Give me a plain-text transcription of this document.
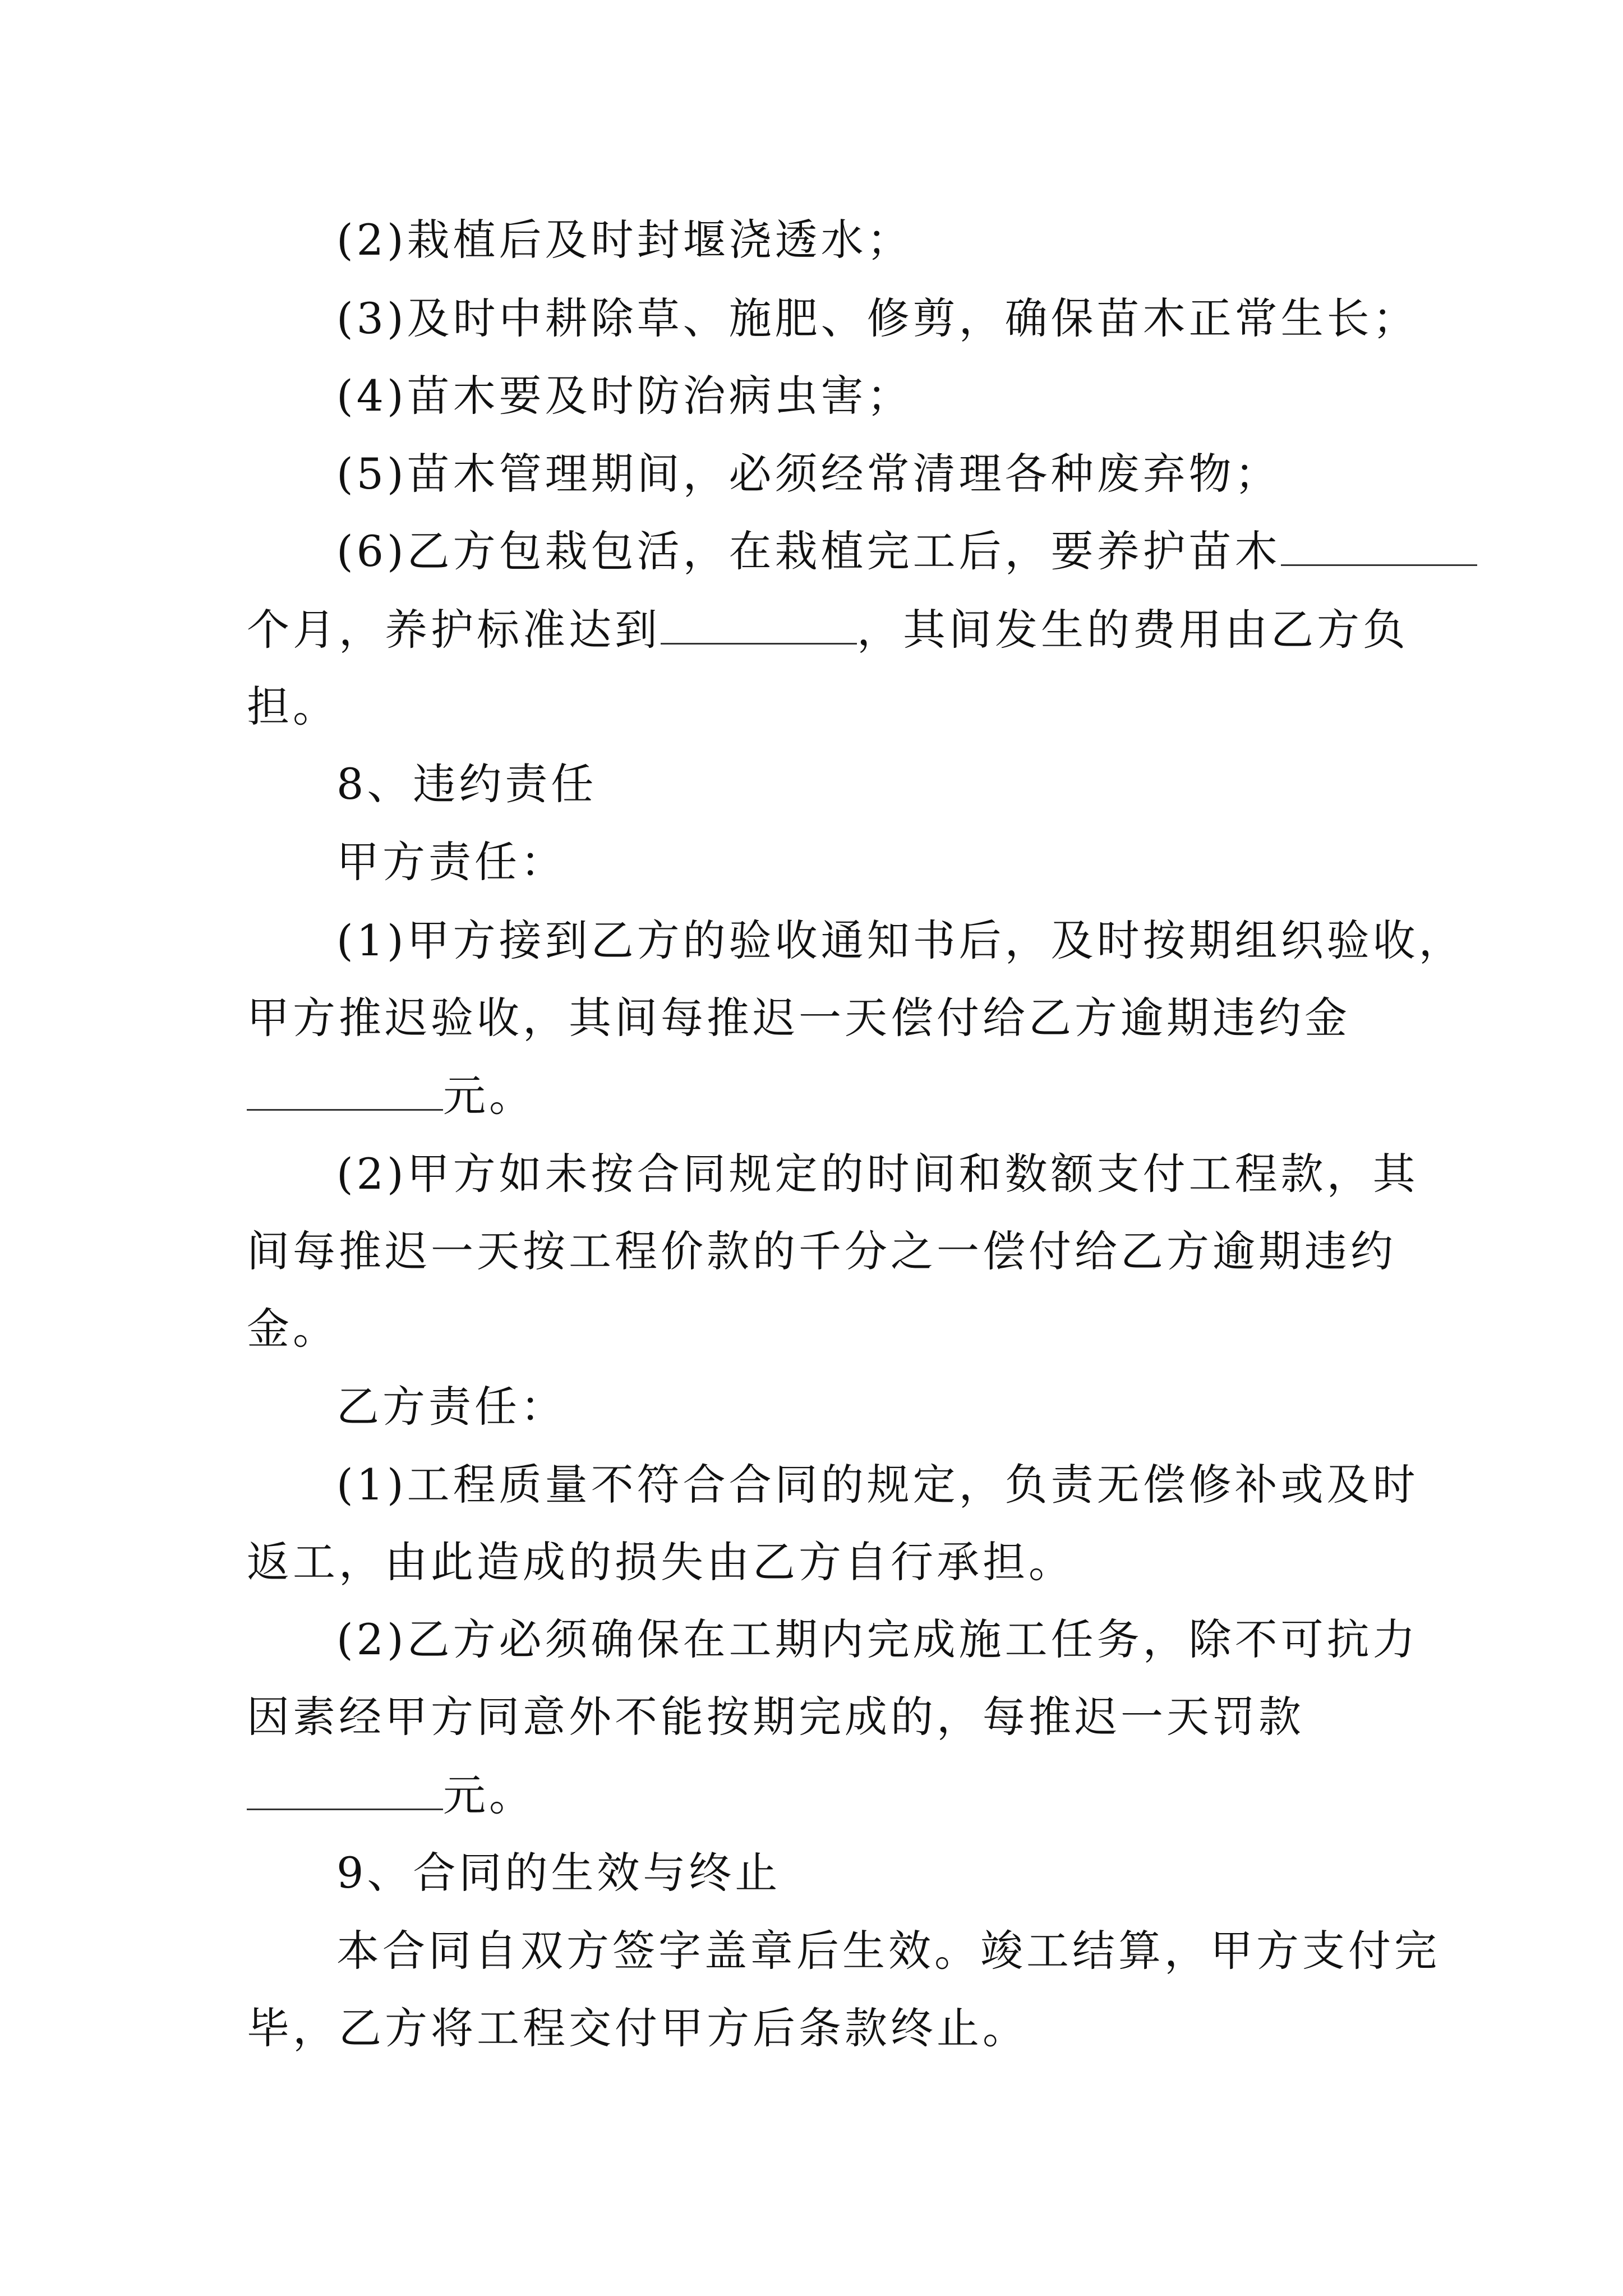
(2)栽植后及时封堰浇透水；
(3)及时中耕除草、施肥、修剪，确保苗木正常生长；
(4)苗木要及时防治病虫害；
(5)苗木管理期间，必须经常清理各种废弃物；
(6)乙方包栽包活，在栽植完工后，要养护苗木
个月，养护标准达到	，其间发生的费用由乙方负
担。
8、违约责任
甲方责任：
(1)甲方接到乙方的验收通知书后，及时按期组织验收，
甲方推迟验收，其间每推迟一天偿付给乙方逾期违约金
元。
(2)甲方如未按合同规定的时间和数额支付工程款，其
间每推迟一天按工程价款的千分之一偿付给乙方逾期违约
金。
乙方责任：
(1)工程质量不符合合同的规定，负责无偿修补或及时
返工，由此造成的损失由乙方自行承担。
(2)乙方必须确保在工期内完成施工任务，除不可抗力
因素经甲方同意外不能按期完成的，每推迟一天罚款
元。
9、合同的生效与终止
本合同自双方签字盖章后生效。竣工结算，甲方支付完
毕，乙方将工程交付甲方后条款终止。
